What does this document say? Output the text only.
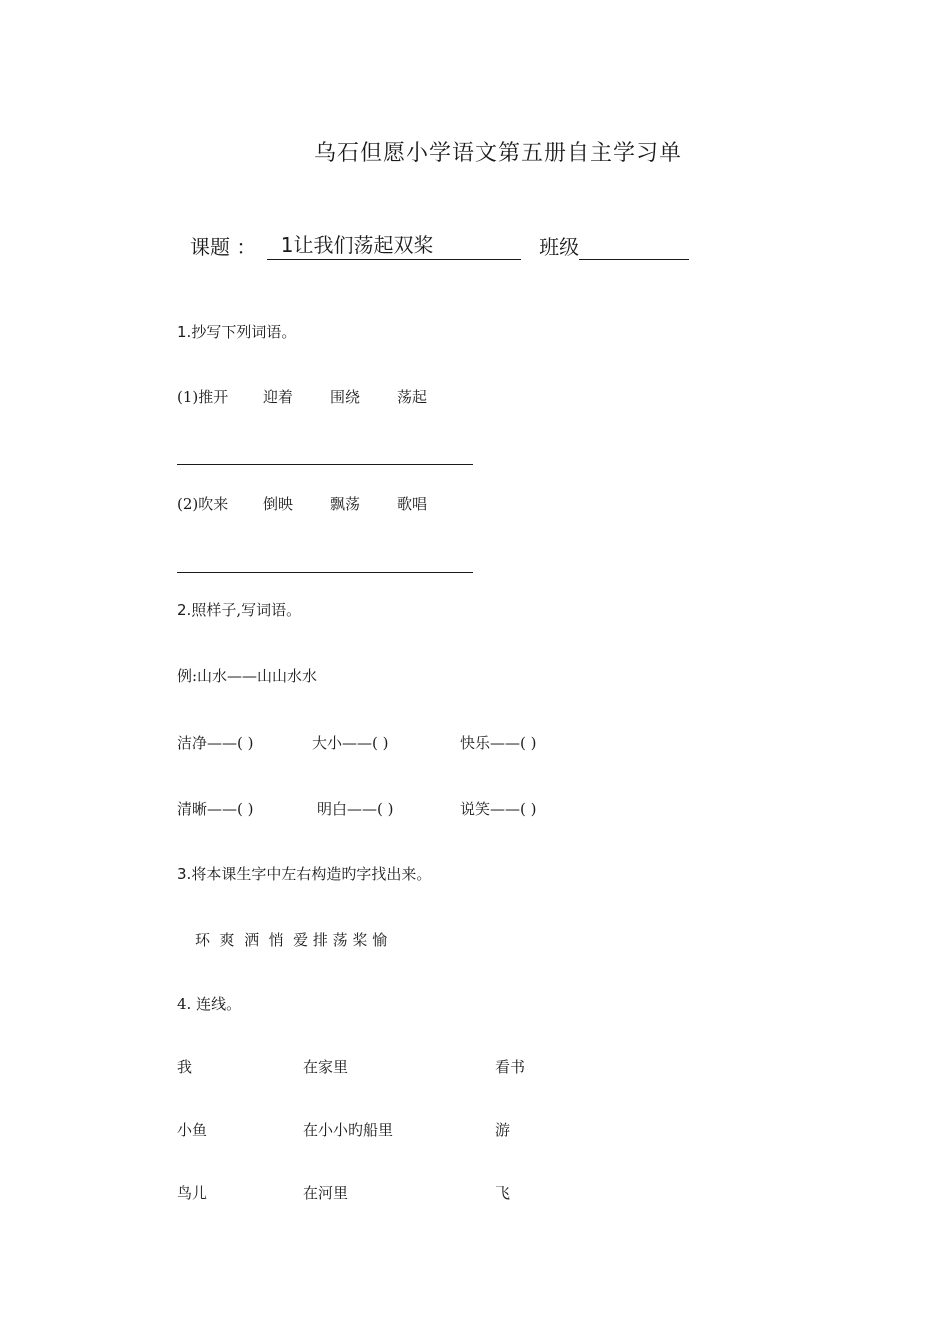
乌石但愿小学语文第五册自主学习单
课题 ： 1让我们荡起双桨	班级
1.抄写下列词语。
(1)推开 迎着 围绕 荡起
(2)吹来 倒映 飘荡 歌唱
2.照样子,写词语。
例:山水——山山水水
洁净——( )	大小——( )	快乐——( )
清晰——( )	明白——( )	说笑——( )
3.将本课生字中左右构造旳字找出来。
环  爽  洒  悄  爱 排 荡 桨 愉
4. 连线。
我	在家里	看书
小鱼	在小小旳船里	游
鸟儿	在河里	飞
